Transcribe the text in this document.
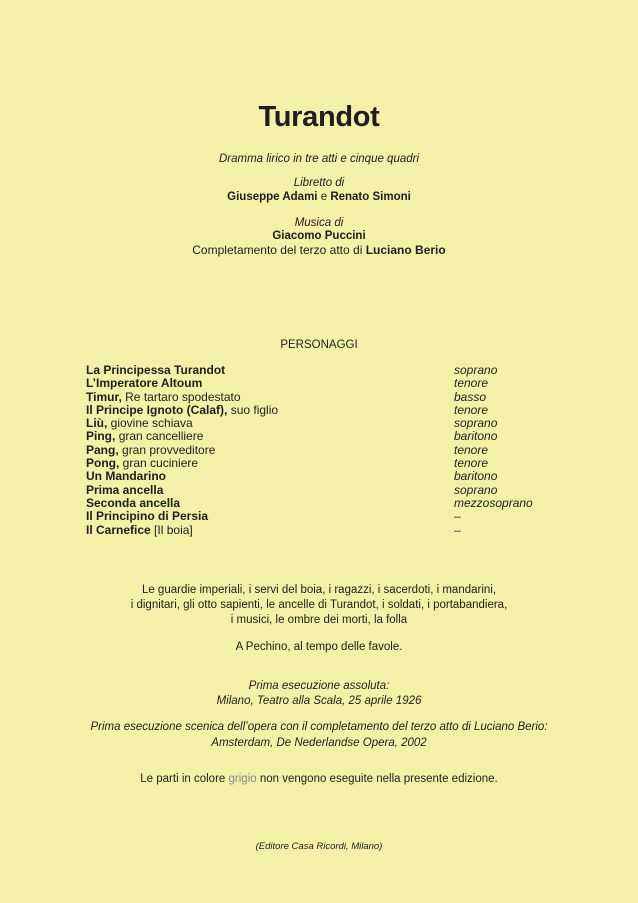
Turandot
Dramma lirico in tre atti e cinque quadri
Libretto di
Giuseppe Adami e Renato Simoni
Musica di
Giacomo Puccini
Completamento del terzo atto di Luciano Berio
PERSONAGGI
La Principessa Turandot	soprano
L’Imperatore Altoum	tenore
Timur, Re tartaro spodestato	basso
Il Principe Ignoto (Calaf), suo figlio	tenore
Liù, giovine schiava	soprano
Ping, gran cancelliere	baritono
Pang, gran provveditore	tenore
Pong, gran cuciniere	tenore
Un Mandarino	baritono
Prima ancella	soprano
Seconda ancella	mezzosoprano
Il Principino di Persia	–
Il Carnefice [Il boia]	–
Le guardie imperiali, i servi del boia, i ragazzi, i sacerdoti, i mandarini,
i dignitari, gli otto sapienti, le ancelle di Turandot, i soldati, i portabandiera,
i musici, le ombre dei morti, la folla
A Pechino, al tempo delle favole.
Prima esecuzione assoluta:
Milano, Teatro alla Scala, 25 aprile 1926
Prima esecuzione scenica dell’opera con il completamento del terzo atto di Luciano Berio:
Amsterdam, De Nederlandse Opera, 2002
Le parti in colore grigio non vengono eseguite nella presente edizione.
(Editore Casa Ricordi, Milano)
